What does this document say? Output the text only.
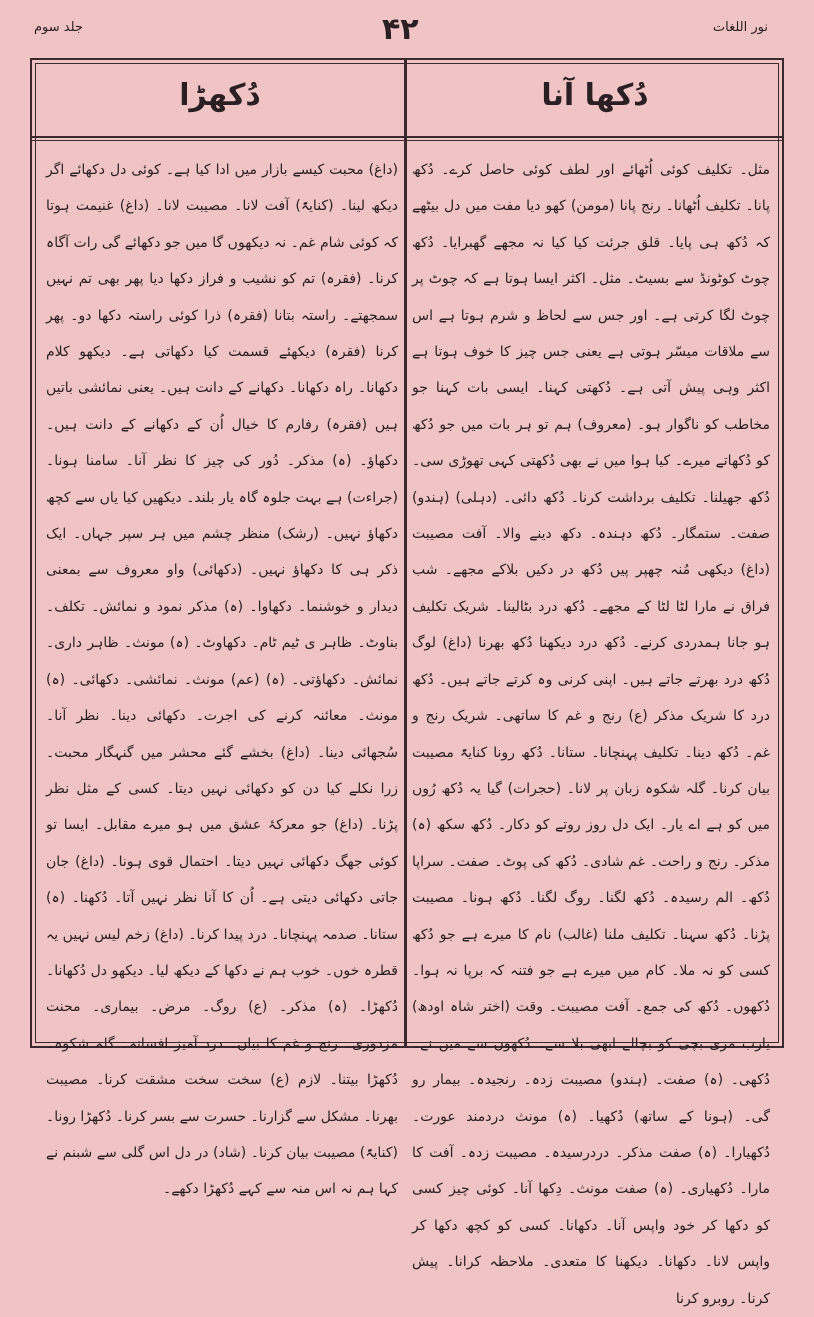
جلد سوم	۴۲	نور اللغات
دُکھا آنا
دُکھڑا

مثل۔ تکلیف کوئی اُٹھائے اور لطف کوئی حاصل کرے۔ دُکھ پانا۔ تکلیف اُٹھانا۔ رنج پانا (مومن) کھو دیا مفت میں دل بیٹھے کہ دُکھ ہی پایا۔ قلق جرئت کیا کیا نہ مجھے گھبرایا۔ دُکھ چوٹ کوٹونڈ سے بسیٹ۔ مثل۔ اکثر ایسا ہوتا ہے کہ چوٹ پر چوٹ لگا کرتی ہے۔ اور جس سے لحاظ و شرم ہوتا ہے اس سے ملاقات میسّر ہوتی ہے یعنی جس چیز کا خوف ہوتا ہے اکثر وہی پیش آتی ہے۔ دُکھتی کہنا۔ ایسی بات کہنا جو مخاطب کو ناگوار ہو۔ (معروف) ہم تو ہر بات میں جو دُکھ کو دُکھاتے میرے۔ کیا ہوا میں نے بھی دُکھتی کہی تھوڑی سی۔ دُکھ جھیلنا۔ تکلیف برداشت کرنا۔ دُکھ دائی۔ (دہلی) (ہندو) صفت۔ ستمگار۔ دُکھ دہندہ۔ دکھ دینے والا۔ آفت مصیبت (داغ) دیکھی مُنہ چھپر پیں دُکھ در دکیں بلاکے مجھے۔ شب فراق نے مارا لٹا لٹا کے مجھے۔ دُکھ درد بٹالینا۔ شریک تکلیف ہو جانا ہمدردی کرنے۔ دُکھ درد دیکھنا دُکھ بھرنا (داغ) لوگ دُکھ درد بھرتے جاتے ہیں۔ اپنی کرنی وہ کرتے جاتے ہیں۔ دُکھ درد کا شریک مذکر (ع) رنج و غم کا ساتھی۔ شریک رنج و غم۔ دُکھ دینا۔ تکلیف پہنچانا۔ ستانا۔ دُکھ رونا کنایۃً مصیبت بیان کرنا۔ گلہ شکوہ زبان پر لانا۔ (حجرات) گیا یہ دُکھ رُوں میں کو ہے اے یار۔ ایک دل روز روتے کو دکار۔ دُکھ سکھ (ہ) مذکر۔ رنج و راحت۔ غم شادی۔ دُکھ کی پوٹ۔ صفت۔ سراپا دُکھ۔ الم رسیدہ۔ دُکھ لگنا۔ روگ لگنا۔ دُکھ ہونا۔ مصیبت پڑنا۔ دُکھ سہنا۔ تکلیف ملنا (غالب) نام کا میرے ہے جو دُکھ کسی کو نہ ملا۔ کام میں میرے ہے جو فتنہ کہ برپا نہ ہوا۔ دُکھوں۔ دُکھ کی جمع۔ آفت مصیبت۔ وقت (اختر شاہ اودھ) یارب مری بچی کو بچالے ابھی بلا سے۔ دُکھوں سے میں نے۔ دُکھی۔ (ہ) صفت۔ (ہندو) مصیبت زدہ۔ رنجیدہ۔ بیمار رو گی۔ (ہونا کے ساتھ) دُکھیا۔ (ہ) مونث دردمند عورت۔ دُکھیارا۔ (ہ) صفت مذکر۔ دردرسیدہ۔ مصیبت زدہ۔ آفت کا مارا۔ دُکھیاری۔ (ہ) صفت مونث۔ دِکھا آنا۔ کوئی چیز کسی کو دکھا کر خود واپس آنا۔ دکھانا۔ کسی کو کچھ دکھا کر واپس لانا۔ دکھانا۔ دیکھنا کا متعدی۔ ملاحظہ کرانا۔ پیش کرنا۔ روبرو کرنا

(داغ) محبت کیسے بازار میں ادا کیا ہے۔ کوئی دل دکھائے اگر دیکھ لینا۔ (کنایۃً) آفت لانا۔ مصیبت لانا۔ (داغ) غنیمت ہوتا کہ کوئی شام غم۔ نہ دیکھوں گا میں جو دکھائے گی رات آگاہ کرنا۔ (فقرہ) تم کو نشیب و فراز دکھا دیا پھر بھی تم نہیں سمجھتے۔ راستہ بتانا (فقرہ) ذرا کوئی راستہ دکھا دو۔ پھر کرنا (فقرہ) دیکھئے قسمت کیا دکھاتی ہے۔ دیکھو کلام دکھانا۔ راہ دکھانا۔ دکھانے کے دانت ہیں۔ یعنی نمائشی باتیں ہیں (فقرہ) رفارم کا خیال اُن کے دکھانے کے دانت ہیں۔ دکھاؤ۔ (ہ) مذکر۔ دُور کی چیز کا نظر آنا۔ سامنا ہونا۔ (جراءت) ہے بہت جلوہ گاہ یار بلند۔ دیکھیں کیا یاں سے کچھ دکھاؤ نہیں۔ (رشک) منظر چشم میں ہر سپر جہاں۔ ایک ذکر ہی کا دکھاؤ نہیں۔ (دکھائی) واو معروف سے بمعنی دیدار و خوشنما۔ دکھاوا۔ (ہ) مذکر نمود و نمائش۔ تکلف۔ بناوٹ۔ ظاہر ی ٹیم ٹام۔ دکھاوٹ۔ (ہ) مونث۔ ظاہر داری۔ نمائش۔ دکھاؤتی۔ (ہ) (عم) مونث۔ نمائشی۔ دکھائی۔ (ہ) مونث۔ معائنہ کرنے کی اجرت۔ دکھائی دینا۔ نظر آنا۔ سُجھائی دینا۔ (داغ) بخشے گئے محشر میں گنہگار محبت۔ زرا نکلے کیا دن کو دکھائی نہیں دیتا۔ کسی کے مثل نظر پڑنا۔ (داغ) جو معرکۂ عشق میں ہو میرے مقابل۔ ایسا تو کوئی جھگ دکھائی نہیں دیتا۔ احتمال قوی ہونا۔ (داغ) جان جاتی دکھائی دیتی ہے۔ اُن کا آنا نظر نہیں آتا۔ دُکھنا۔ (ہ) ستانا۔ صدمہ پہنچانا۔ درد پیدا کرنا۔ (داغ) زخم لیس نہیں یہ قطرہ خوں۔ خوب ہم نے دکھا کے دیکھ لیا۔ دیکھو دل دُکھانا۔ دُکھڑا۔ (ہ) مذکر۔ (ع) روگ۔ مرض۔ بیماری۔ محنت مزدوری۔ رنج و غم کا بیان۔ درد آمیز افسانہ۔ گلہ شکوہ۔ دُکھڑا بیتنا۔ لازم (ع) سخت سخت مشقت کرنا۔ مصیبت بھرنا۔ مشکل سے گزارنا۔ حسرت سے بسر کرنا۔ دُکھڑا رونا۔ (کنایۃً) مصیبت بیان کرنا۔ (شاد) در دل اس گلی سے شبنم نے کہا ہم نہ اس منہ سے کہے دُکھڑا دکھے۔
